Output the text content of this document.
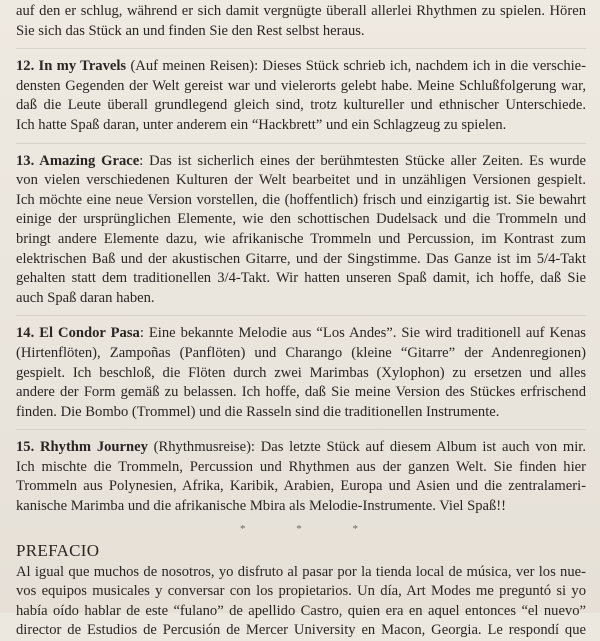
auf den er schlug, während er sich damit vergnügte überall allerlei Rhythmen zu spielen. Hören
Sie sich das Stück an und finden Sie den Rest selbst heraus.
12. In my Travels (Auf meinen Reisen): Dieses Stück schrieb ich, nachdem ich in die verschie-
densten Gegenden der Welt gereist war und vielerorts gelebt habe. Meine Schlußfolgerung war,
daß die Leute überall grundlegend gleich sind, trotz kultureller und ethnischer Unterschiede.
Ich hatte Spaß daran, unter anderem ein “Hackbrett” und ein Schlagzeug zu spielen.
13. Amazing Grace: Das ist sicherlich eines der berühmtesten Stücke aller Zeiten. Es wurde
von vielen verschiedenen Kulturen der Welt bearbeitet und in unzähligen Versionen gespielt.
Ich möchte eine neue Version vorstellen, die (hoffentlich) frisch und einzigartig ist. Sie bewahrt
einige der ursprünglichen Elemente, wie den schottischen Dudelsack und die Trommeln und
bringt andere Elemente dazu, wie afrikanische Trommeln und Percussion, im Kontrast zum
elektrischen Baß und der akustischen Gitarre, und der Singstimme. Das Ganze ist im 5/4-Takt
gehalten statt dem traditionellen 3/4-Takt. Wir hatten unseren Spaß damit, ich hoffe, daß Sie
auch Spaß daran haben.
14. El Condor Pasa: Eine bekannte Melodie aus “Los Andes”. Sie wird traditionell auf Kenas
(Hirtenflöten), Zampoñas (Panflöten) und Charango (kleine “Gitarre” der Andenregionen)
gespielt. Ich beschloß, die Flöten durch zwei Marimbas (Xylophon) zu ersetzen und alles
andere der Form gemäß zu belassen. Ich hoffe, daß Sie meine Version des Stückes erfrischend
finden. Die Bombo (Trommel) und die Rasseln sind die traditionellen Instrumente.
15. Rhythm Journey (Rhythmusreise): Das letzte Stück auf diesem Album ist auch von mir.
Ich mischte die Trommeln, Percussion und Rhythmen aus der ganzen Welt. Sie finden hier
Trommeln aus Polynesien, Afrika, Karibik, Arabien, Europa und Asien und die zentralameri-
kanische Marimba und die afrikanische Mbira als Melodie-Instrumente. Viel Spaß!!
* * *
PREFACIO
Al igual que muchos de nosotros, yo disfruto al pasar por la tienda local de música, ver los nue-
vos equipos musicales y conversar con los propietarios. Un día, Art Modes me preguntó si yo
había oído hablar de este “fulano” de apellido Castro, quien era en aquel entonces “el nuevo”
director de Estudios de Percusión de Mercer University en Macon, Georgia. Le respondí que
